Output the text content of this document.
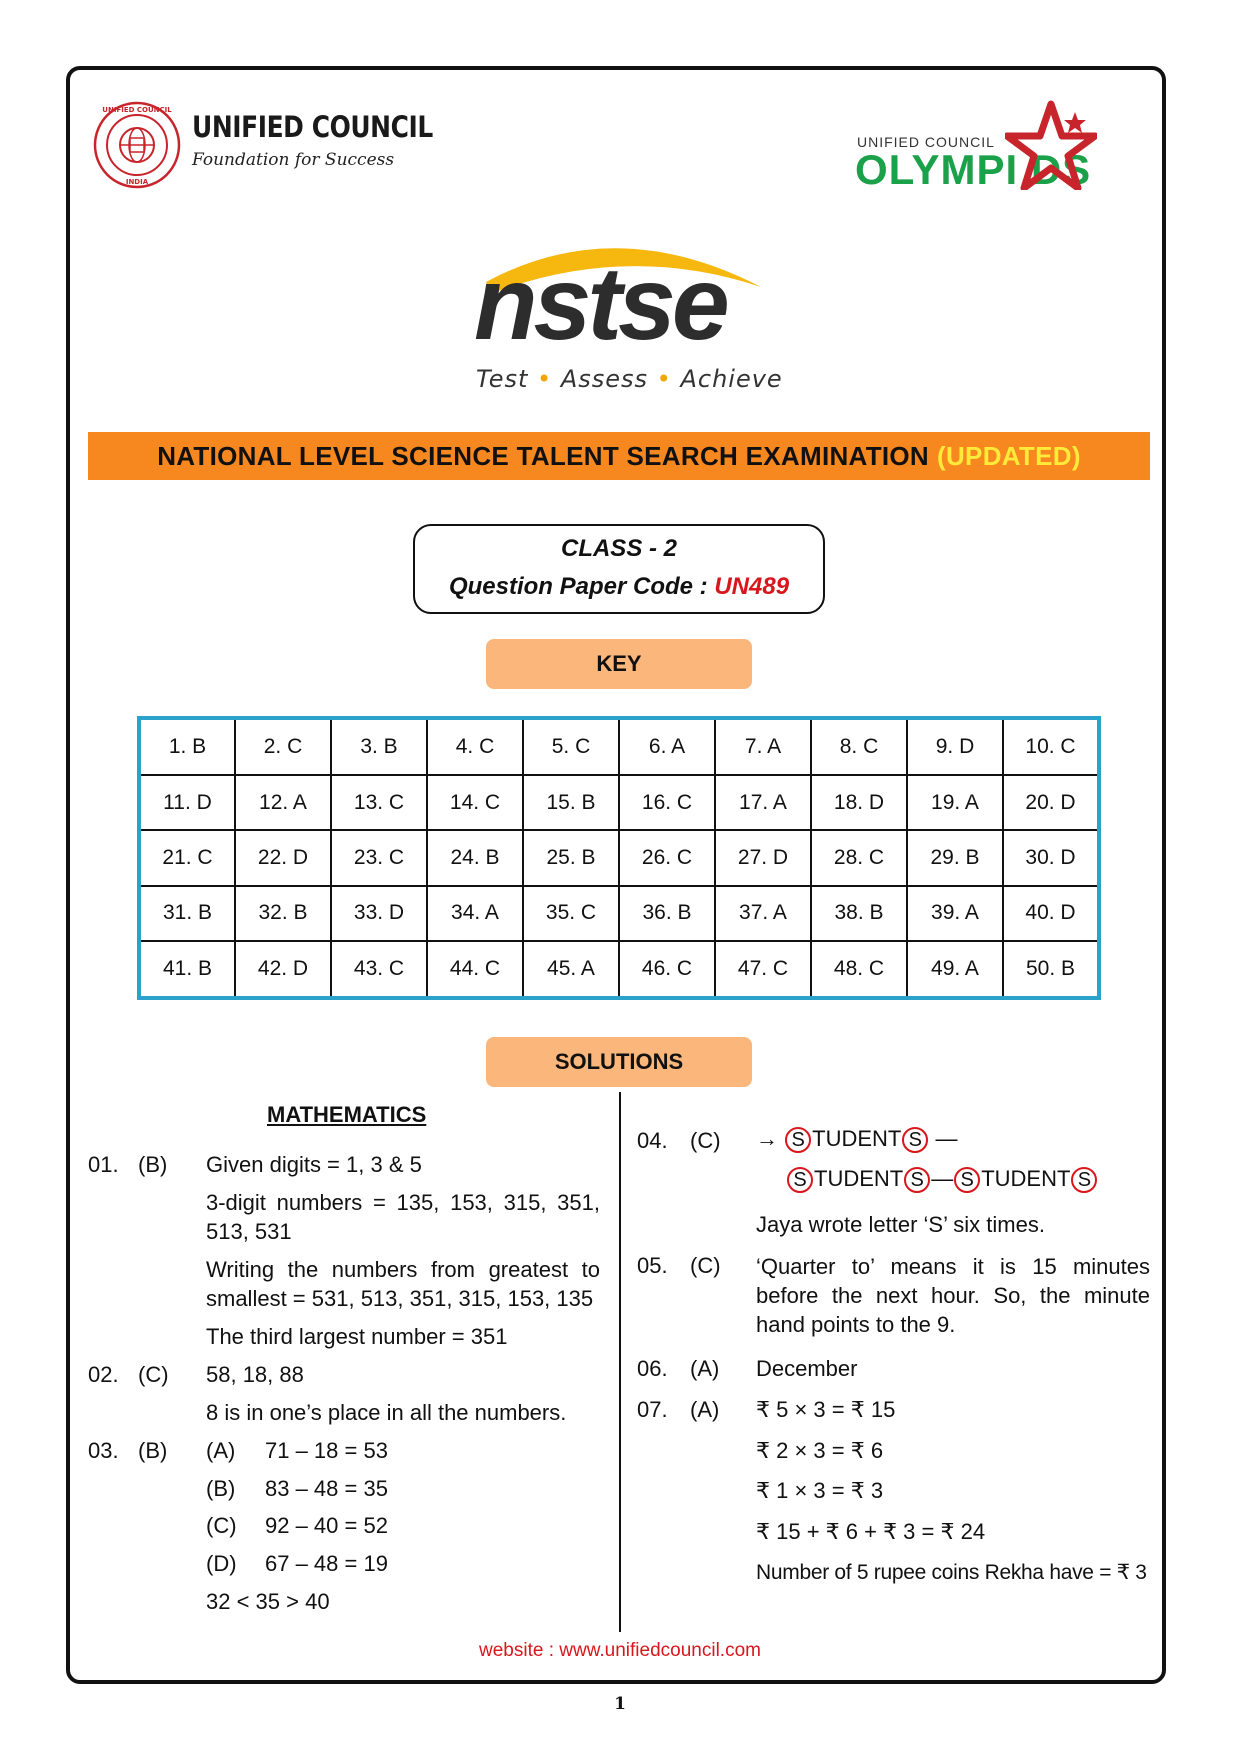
UNIFIED COUNCIL
INDIA
UNIFIED COUNCIL
Foundation for Success
UNIFIED COUNCIL
OLYMPI DS
nstse
Test • Assess • Achieve
NATIONAL LEVEL SCIENCE TALENT SEARCH EXAMINATION (UPDATED)
CLASS - 2
Question Paper Code : UN489
KEY
1. B	2. C	3. B	4. C	5. C	6. A	7. A	8. C	9. D	10. C
11. D	12. A	13. C	14. C	15. B	16. C	17. A	18. D	19. A	20. D
21. C	22. D	23. C	24. B	25. B	26. C	27. D	28. C	29. B	30. D
31. B	32. B	33. D	34. A	35. C	36. B	37. A	38. B	39. A	40. D
41. B	42. D	43. C	44. C	45. A	46. C	47. C	48. C	49. A	50. B
SOLUTIONS
MATHEMATICS
01. (B) Given digits = 1, 3 & 5
3-digit numbers = 135, 153, 315, 351, 513, 531
Writing the numbers from greatest to smallest = 531, 513, 351, 315, 153, 135
The third largest number = 351
02. (C) 58, 18, 88
8 is in one’s place in all the numbers.
03. (B) (A) 71 – 18 = 53
(B) 83 – 48 = 35
(C) 92 – 40 = 52
(D) 67 – 48 = 19
32 < 35 > 40
04. (C) → S TUDENT S —
S TUDENT S — S TUDENT S
Jaya wrote letter ‘S’ six times.
05. (C) ‘Quarter to’ means it is 15 minutes before the next hour. So, the minute hand points to the 9.
06. (A) December
07. (A) ₹ 5 × 3 = ₹ 15
₹ 2 × 3 = ₹ 6
₹ 1 × 3 = ₹ 3
₹ 15 + ₹ 6 + ₹ 3 = ₹ 24
Number of 5 rupee coins Rekha have = ₹ 3
website : www.unifiedcouncil.com
1
